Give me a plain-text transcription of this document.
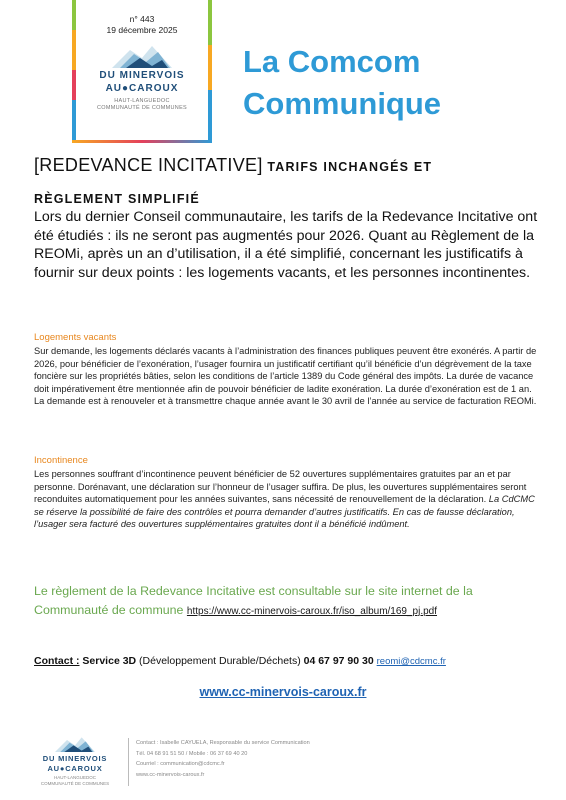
n° 443
19 décembre 2025
DU MINERVOIS
AU●CAROUX
HAUT-LANGUEDOC
COMMUNAUTÉ DE COMMUNES
La Comcom
Communique
[REDEVANCE INCITATIVE] TARIFS INCHANGÉS ET
RÈGLEMENT SIMPLIFIÉ
Lors du dernier Conseil communautaire, les tarifs de la Redevance Incitative ont été étudiés : ils ne seront pas augmentés pour 2026. Quant au Règlement de la REOMi, après un an d’utilisation, il a été simplifié, concernant les justificatifs à fournir sur deux points : les logements vacants, et les personnes incontinentes.
Logements vacants
Sur demande, les logements déclarés vacants à l’administration des finances publiques peuvent être exonérés. A partir de 2026, pour bénéficier de l’exonération, l’usager fournira un justificatif certifiant qu’il bénéficie d’un dégrèvement de la taxe foncière sur les propriétés bâties, selon les conditions de l’article 1389 du Code général des impôts. La durée de vacance doit impérativement être mentionnée afin de pouvoir bénéficier de ladite exonération. La durée d’exonération est de 1 an. La demande est à renouveler et à transmettre chaque année avant le 30 avril de l’année au service de facturation REOMi.
Incontinence
Les personnes souffrant d’incontinence peuvent bénéficier de 52 ouvertures supplémentaires gratuites par an et par personne. Dorénavant, une déclaration sur l’honneur de l’usager suffira. De plus, les ouvertures supplémentaires seront reconduites automatiquement pour les années suivantes, sans nécessité de renouvellement de la déclaration. La CdCMC se réserve la possibilité de faire des contrôles et pourra demander d’autres justificatifs. En cas de fausse déclaration, l’usager sera facturé des ouvertures supplémentaires gratuites dont il a bénéficié indûment.
Le règlement de la Redevance Incitative est consultable sur le site internet de la Communauté de commune https://www.cc-minervois-caroux.fr/iso_album/169_pj.pdf
Contact : Service 3D (Développement Durable/Déchets) 04 67 97 90 30 reomi@cdcmc.fr
www.cc-minervois-caroux.fr
DU MINERVOIS
AU●CAROUX
HAUT-LANGUEDOC
COMMUNAUTÉ DE COMMUNES
Contact : Isabelle CAYUELA, Responsable du service Communication
Tél. 04 68 91 51 50 / Mobile : 06 37 69 40 20
Courriel : communication@cdcmc.fr
www.cc-minervois-caroux.fr
